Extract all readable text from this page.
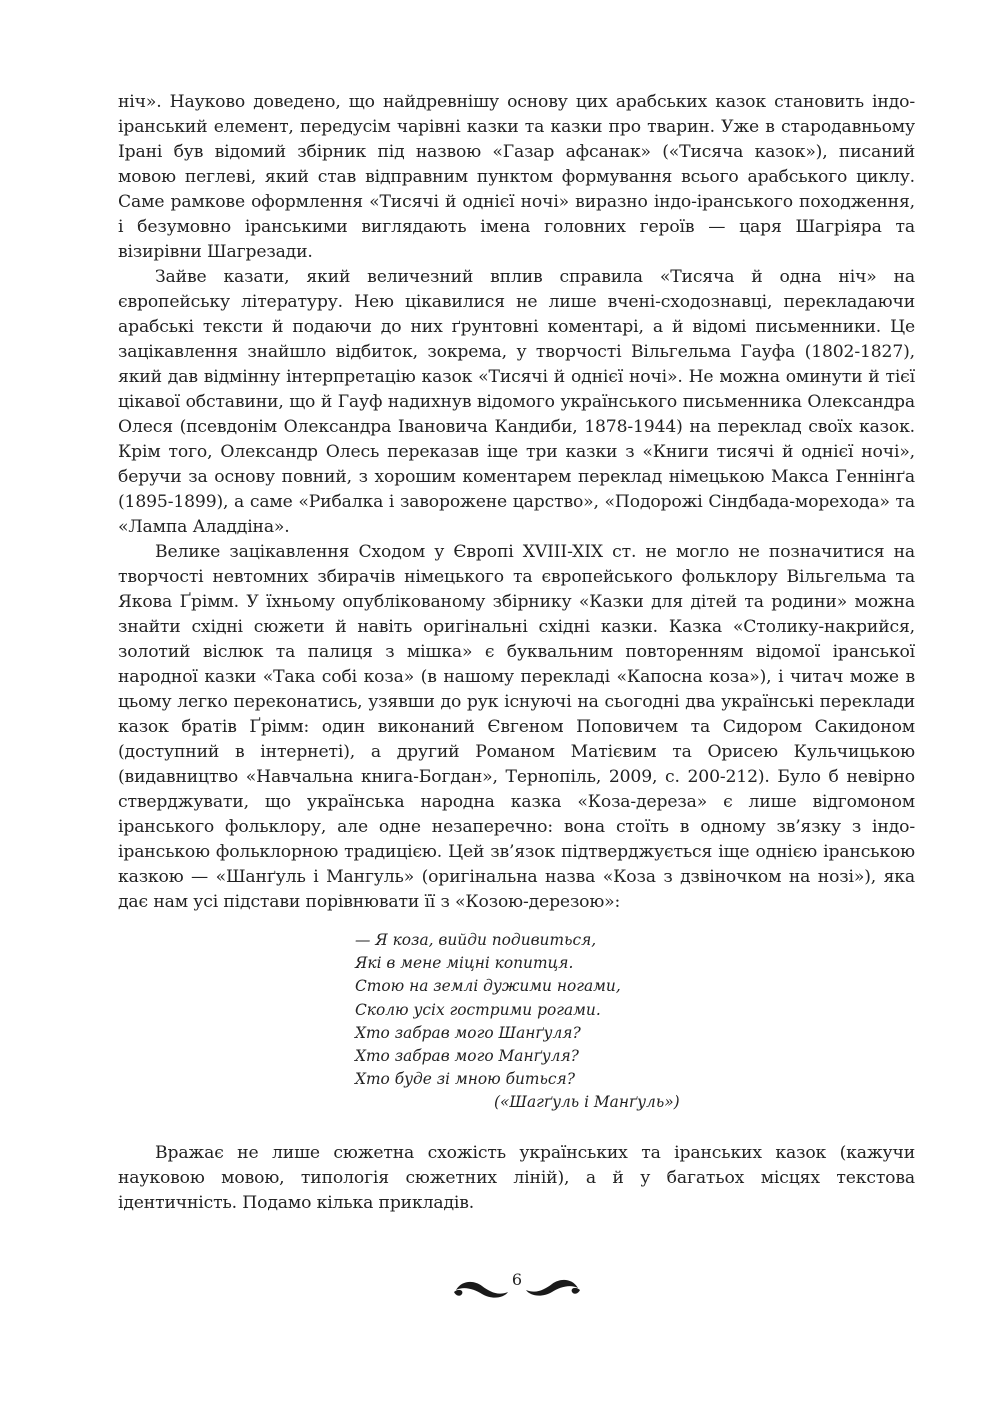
ніч». Науково доведено, що найдревнішу основу цих арабських казок становить індо-іранський елемент, передусім чарівні казки та казки про тварин. Уже в стародавньому Ірані був відомий збірник під назвою «Газар афсанак» («Тисяча казок»), писаний мовою пеглеві, який став відправним пунктом формування всього арабського циклу. Саме рамкове оформлення «Тисячі й однієї ночі» виразно індо-іранського походження, і безумовно іранськими виглядають імена головних героїв — царя Шагріяра та візирівни Шагрезади.

Зайве казати, який величезний вплив справила «Тисяча й одна ніч» на європейську літературу. Нею цікавилися не лише вчені-сходознавці, перекладаючи арабські тексти й подаючи до них ґрунтовні коментарі, а й відомі письменники. Це зацікавлення знайшло відбиток, зокрема, у творчості Вільгельма Гауфа (1802-1827), який дав відмінну інтерпретацію казок «Тисячі й однієї ночі». Не можна оминути й тієї цікавої обставини, що й Гауф надихнув відомого українського письменника Олександра Олеся (псевдонім Олександра Івановича Кандиби, 1878-1944) на переклад своїх казок. Крім того, Олександр Олесь переказав іще три казки з «Книги тисячі й однієї ночі», беручи за основу повний, з хорошим коментарем переклад німецькою Макса Геннінґа (1895-1899), а саме «Рибалка і заворожене царство», «Подорожі Сіндбада-морехода» та «Лампа Аладдіна».

Велике зацікавлення Сходом у Європі XVIII-XIX ст. не могло не позначитися на творчості невтомних збирачів німецького та європейського фольклору Вільгельма та Якова Ґрімм. У їхньому опублікованому збірнику «Казки для дітей та родини» можна знайти східні сюжети й навіть оригінальні східні казки. Казка «Столику-накрийся, золотий віслюк та палиця з мішка» є буквальним повторенням відомої іранської народної казки «Така собі коза» (в нашому перекладі «Капосна коза»), і читач може в цьому легко переконатись, узявши до рук існуючі на сьогодні два українські переклади казок братів Ґрімм: один виконаний Євгеном Поповичем та Сидором Сакидоном (доступний в інтернеті), а другий Романом Матієвим та Орисею Кульчицькою (видавництво «Навчальна книга-Богдан», Тернопіль, 2009, с. 200-212). Було б невірно стверджувати, що українська народна казка «Коза-дереза» є лише відгомоном іранського фольклору, але одне незаперечно: вона стоїть в одному зв’язку з індо-іранською фольклорною традицією. Цей зв’язок підтверджується іще однією іранською казкою — «Шанґуль і Мангуль» (оригінальна назва «Коза з дзвіночком на нозі»), яка дає нам усі підстави порівнювати її з «Козою-дерезою»:

— Я коза, вийди подивиться,
Які в мене міцні копитця.
Стою на землі дужими ногами,
Сколю усіх гострими рогами.
Хто забрав мого Шанґуля?
Хто забрав мого Манґуля?
Хто буде зі мною биться?
(«Шагґуль і Манґуль»)

Вражає не лише сюжетна схожість українських та іранських казок (кажучи науковою мовою, типологія сюжетних ліній), а й у багатьох місцях текстова ідентичність. Подамо кілька прикладів.

6
